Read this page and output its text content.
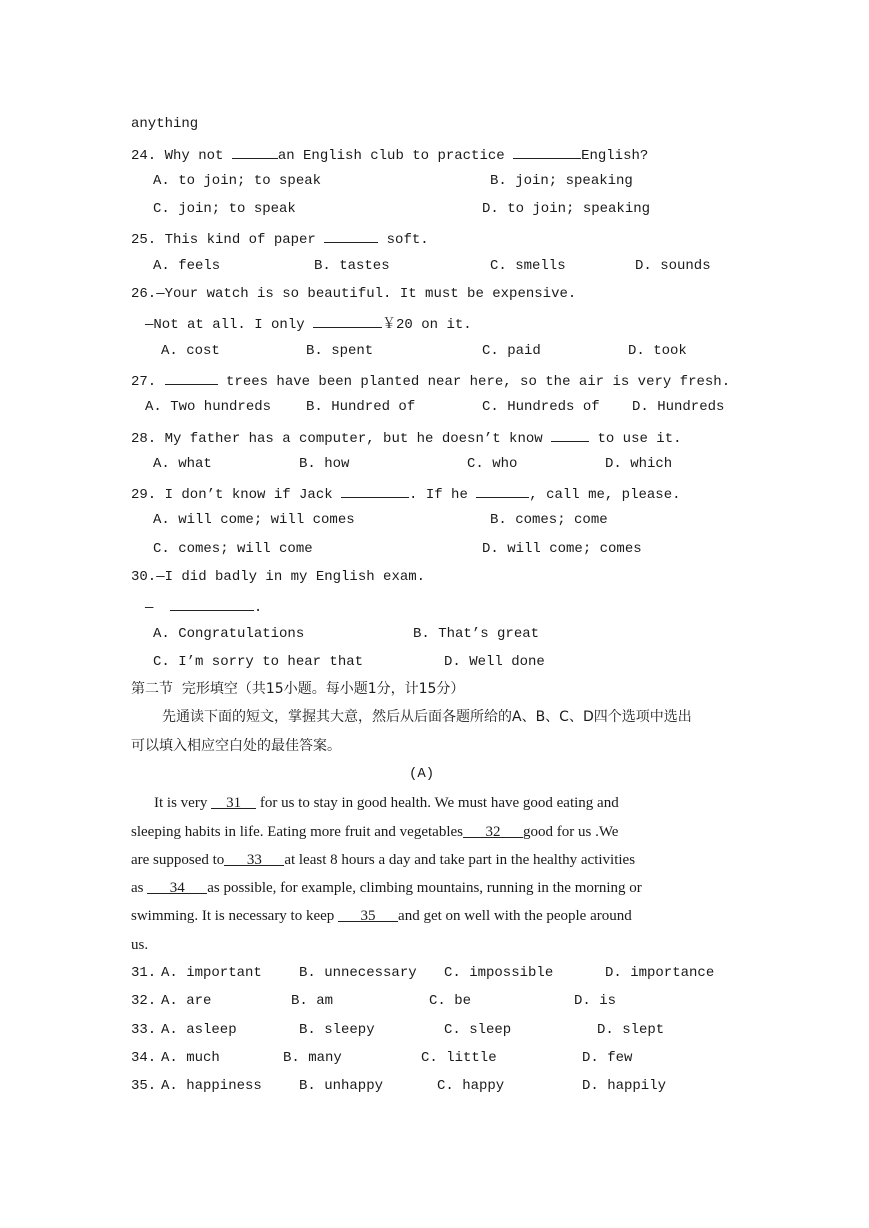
anything
24. Why not	an English club to practice	English?
A. to join; to speak	B. join; speaking
C. join; to speak	D. to join; speaking
25. This kind of paper	soft.
A. feels	B. tastes	C. smells	D. sounds
26.—Your watch is so beautiful. It must be expensive.
—Not at all. I only	￥20 on it.
A. cost	B. spent	C. paid	D. took
27.	trees have been planted near here, so the air is very fresh.
A. Two hundreds B. Hundred of	C. Hundreds of D. Hundreds
28. My father has a computer, but he doesn’t know	to use it.
A. what	B. how	C. who	D. which
29. I don’t know if Jack	. If he	, call me, please.
A. will come; will comes	B. comes; come
C. comes; will come	D. will come; comes
30.—I did badly in my English exam.
—	.
A. Congratulations	B. That’s great
C. I’m sorry to hear that	D. Well done
第二节  完形填空（共15小题。每小题1分，计15分）
先通读下面的短文，掌握其大意，然后从后面各题所给的A、B、C、D四个选项中选出
可以填入相应空白处的最佳答案。
(A)
It is very 31 for us to stay in good health. We must have good eating and
sleeping habits in life. Eating more fruit and vegetables 32 good for us .We
are supposed to 33 at least 8 hours a day and take part in the healthy activities
as 34 as possible, for example, climbing mountains, running in the morning or
swimming. It is necessary to keep 35 and get on well with the people around
us.
31. A. important	B. unnecessary C. impossible	D. importance
32. A. are	B. am	C. be	D. is
33. A. asleep	B. sleepy	C. sleep	D. slept
34. A. much	B. many	C. little	D. few
35. A. happiness	B. unhappy	C. happy	D. happily
